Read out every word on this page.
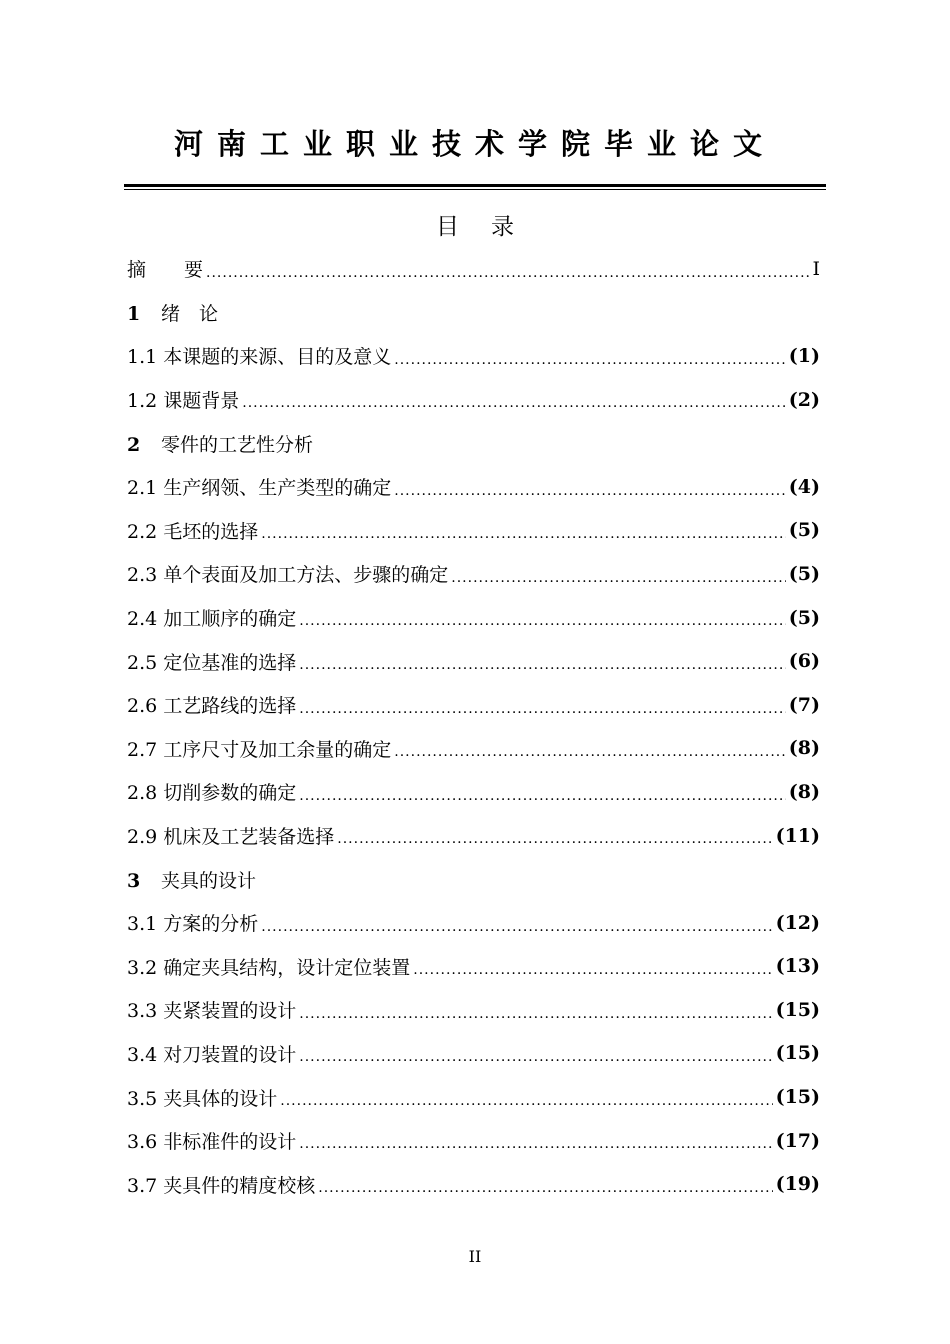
河南工业职业技术学院毕业论文
目录
摘　　要 .....	I
1 绪　论
1.1 本课题的来源、目的及意义 .....	(1)
1.2 课题背景 .....	(2)
2 零件的工艺性分析
2.1 生产纲领、生产类型的确定 .....	(4)
2.2 毛坯的选择 .....	(5)
2.3 单个表面及加工方法、步骤的确定 .....	(5)
2.4 加工顺序的确定 .....	(5)
2.5 定位基准的选择 .....	(6)
2.6 工艺路线的选择 .....	(7)
2.7 工序尺寸及加工余量的确定 .....	(8)
2.8 切削参数的确定 .....	(8)
2.9 机床及工艺装备选择 .....	(11)
3 夹具的设计
3.1 方案的分析 .....	(12)
3.2 确定夹具结构，设计定位装置 .....	(13)
3.3 夹紧装置的设计 .....	(15)
3.4 对刀装置的设计 .....	(15)
3.5 夹具体的设计 .....	(15)
3.6 非标准件的设计 .....	(17)
3.7 夹具件的精度校核 .....	(19)
II
